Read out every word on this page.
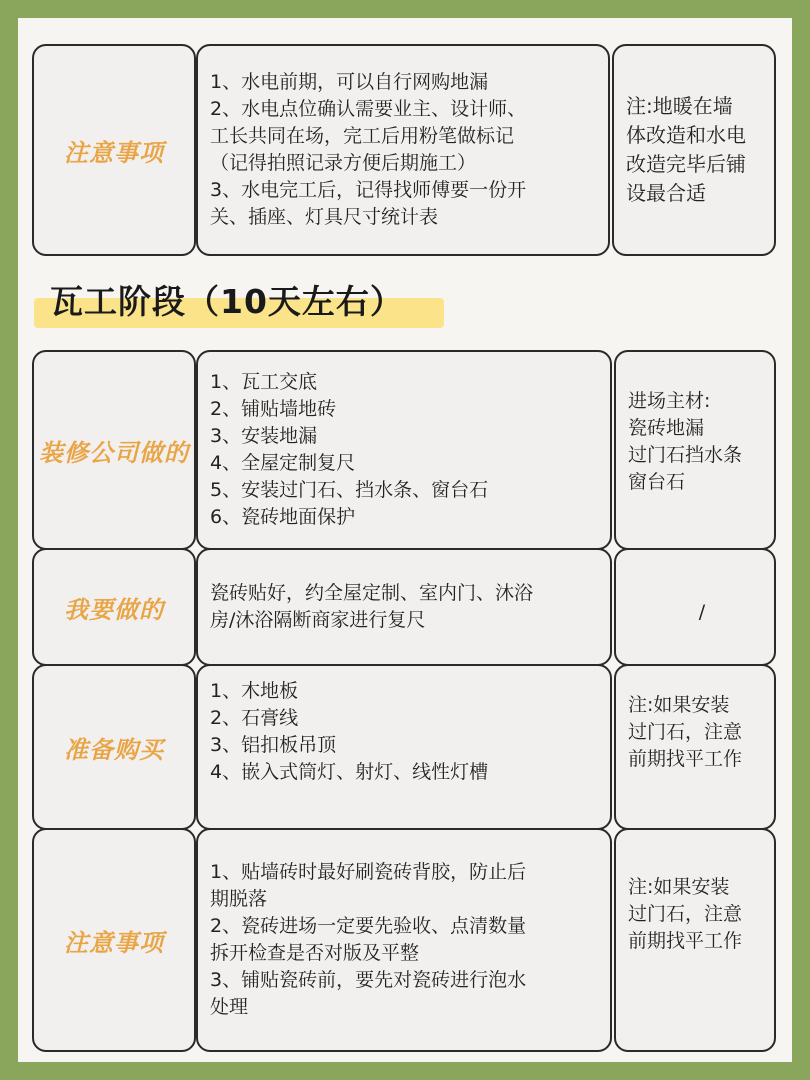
注意事项
1、水电前期，可以自行网购地漏
2、水电点位确认需要业主、设计师、
工长共同在场，完工后用粉笔做标记
（记得拍照记录方便后期施工）
3、水电完工后，记得找师傅要一份开
关、插座、灯具尺寸统计表
注:地暖在墙
体改造和水电
改造完毕后铺
设最合适
瓦工阶段（10天左右）
装修公司做的
1、瓦工交底
2、铺贴墙地砖
3、安装地漏
4、全屋定制复尺
5、安装过门石、挡水条、窗台石
6、瓷砖地面保护
进场主材:
瓷砖地漏
过门石挡水条
窗台石
我要做的
瓷砖贴好，约全屋定制、室内门、沐浴
房/沐浴隔断商家进行复尺	/
准备购买
1、木地板
2、石膏线
3、铝扣板吊顶
4、嵌入式筒灯、射灯、线性灯槽
注:如果安装
过门石，注意
前期找平工作
注意事项
1、贴墙砖时最好刷瓷砖背胶，防止后
期脱落
2、瓷砖进场一定要先验收、点清数量
拆开检查是否对版及平整
3、铺贴瓷砖前，要先对瓷砖进行泡水
处理
注:如果安装
过门石，注意
前期找平工作
